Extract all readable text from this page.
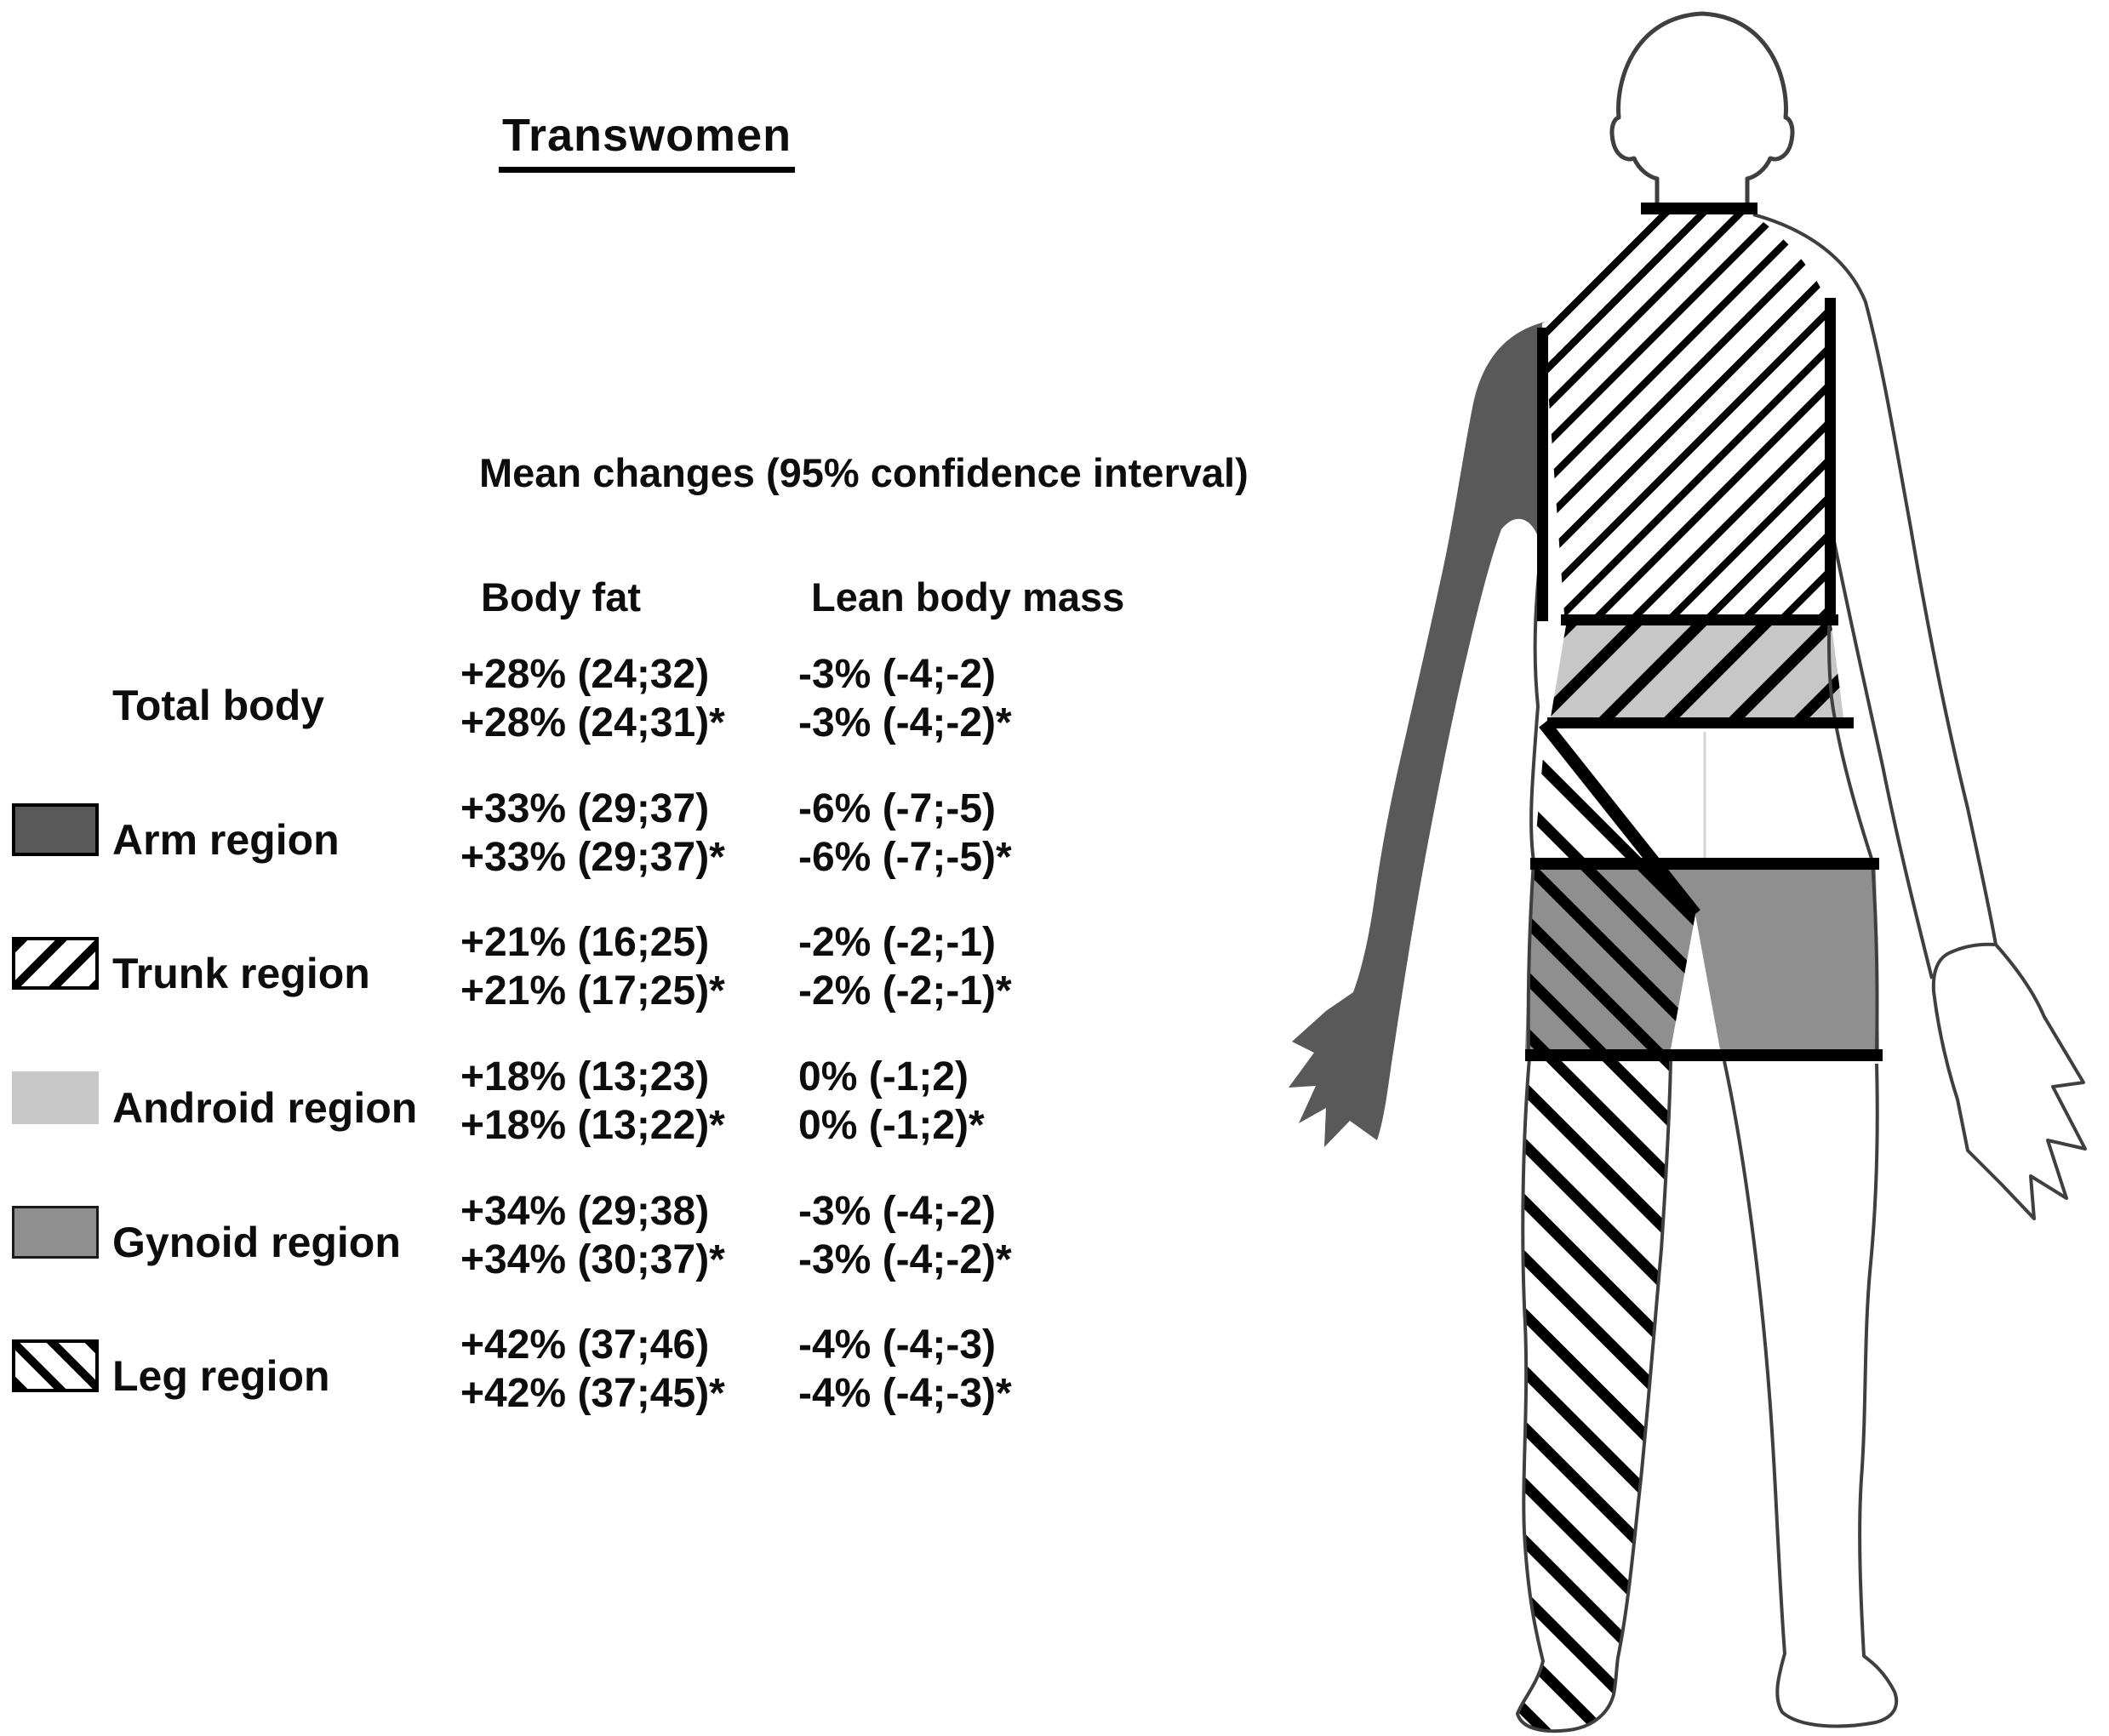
Transwomen
Mean changes (95% confidence interval)
Body fat	Lean body mass
Total body
+28% (24;32)
+28% (24;31)*
-3% (-4;-2)
-3% (-4;-2)*
Arm region
+33% (29;37)
+33% (29;37)*
-6% (-7;-5)
-6% (-7;-5)*
Trunk region
+21% (16;25)
+21% (17;25)*
-2% (-2;-1)
-2% (-2;-1)*
Android region
+18% (13;23)
+18% (13;22)*
0% (-1;2)
0% (-1;2)*
Gynoid region
+34% (29;38)
+34% (30;37)*
-3% (-4;-2)
-3% (-4;-2)*
Leg region
+42% (37;46)
+42% (37;45)*
-4% (-4;-3)
-4% (-4;-3)*
